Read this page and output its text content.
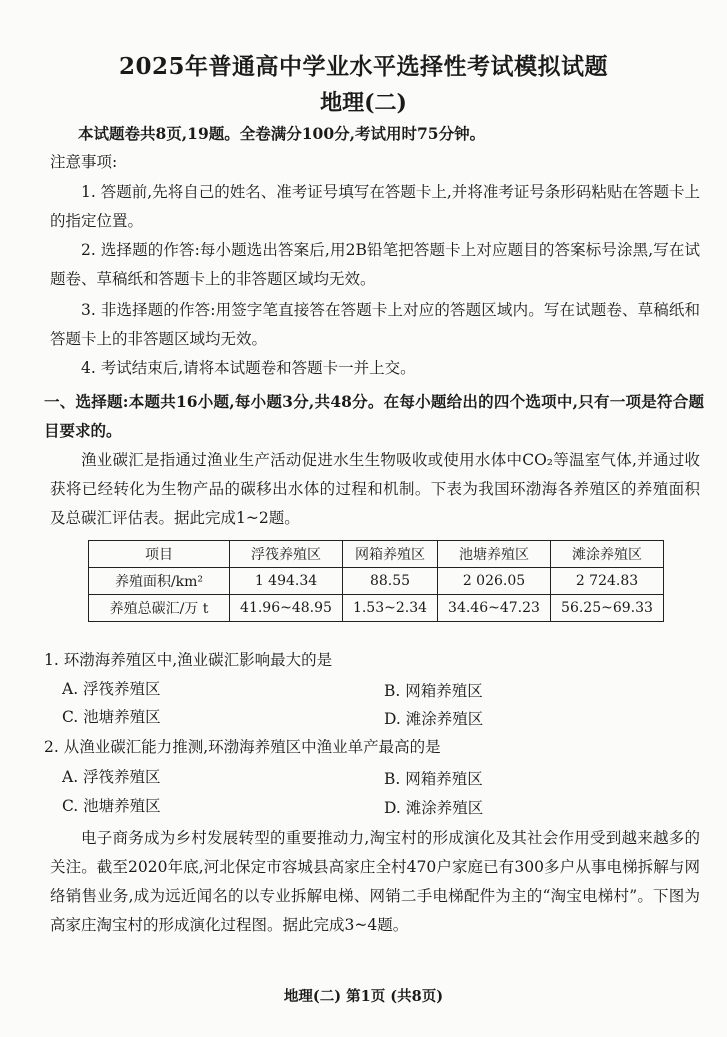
2025年普通高中学业水平选择性考试模拟试题
地理(二)
本试题卷共8页,19题。全卷满分100分,考试用时75分钟。
注意事项:
1. 答题前,先将自己的姓名、准考证号填写在答题卡上,并将准考证号条形码粘贴在答题卡上的指定位置。
2. 选择题的作答:每小题选出答案后,用2B铅笔把答题卡上对应题目的答案标号涂黑,写在试题卷、草稿纸和答题卡上的非答题区域均无效。
3. 非选择题的作答:用签字笔直接答在答题卡上对应的答题区域内。写在试题卷、草稿纸和答题卡上的非答题区域均无效。
4. 考试结束后,请将本试题卷和答题卡一并上交。
一、选择题:本题共16小题,每小题3分,共48分。在每小题给出的四个选项中,只有一项是符合题目要求的。
渔业碳汇是指通过渔业生产活动促进水生生物吸收或使用水体中CO₂等温室气体,并通过收获将已经转化为生物产品的碳移出水体的过程和机制。下表为我国环渤海各养殖区的养殖面积及总碳汇评估表。据此完成1~2题。
项目	浮筏养殖区	网箱养殖区	池塘养殖区	滩涂养殖区
养殖面积/km²	1 494.34	88.55	2 026.05	2 724.83
养殖总碳汇/万 t	41.96~48.95	1.53~2.34	34.46~47.23	56.25~69.33
1. 环渤海养殖区中,渔业碳汇影响最大的是
A. 浮筏养殖区	B. 网箱养殖区
C. 池塘养殖区	D. 滩涂养殖区
2. 从渔业碳汇能力推测,环渤海养殖区中渔业单产最高的是
A. 浮筏养殖区	B. 网箱养殖区
C. 池塘养殖区	D. 滩涂养殖区
电子商务成为乡村发展转型的重要推动力,淘宝村的形成演化及其社会作用受到越来越多的关注。截至2020年底,河北保定市容城县高家庄全村470户家庭已有300多户从事电梯拆解与网络销售业务,成为远近闻名的以专业拆解电梯、网销二手电梯配件为主的“淘宝电梯村”。下图为高家庄淘宝村的形成演化过程图。据此完成3~4题。
地理(二) 第1页 (共8页)
